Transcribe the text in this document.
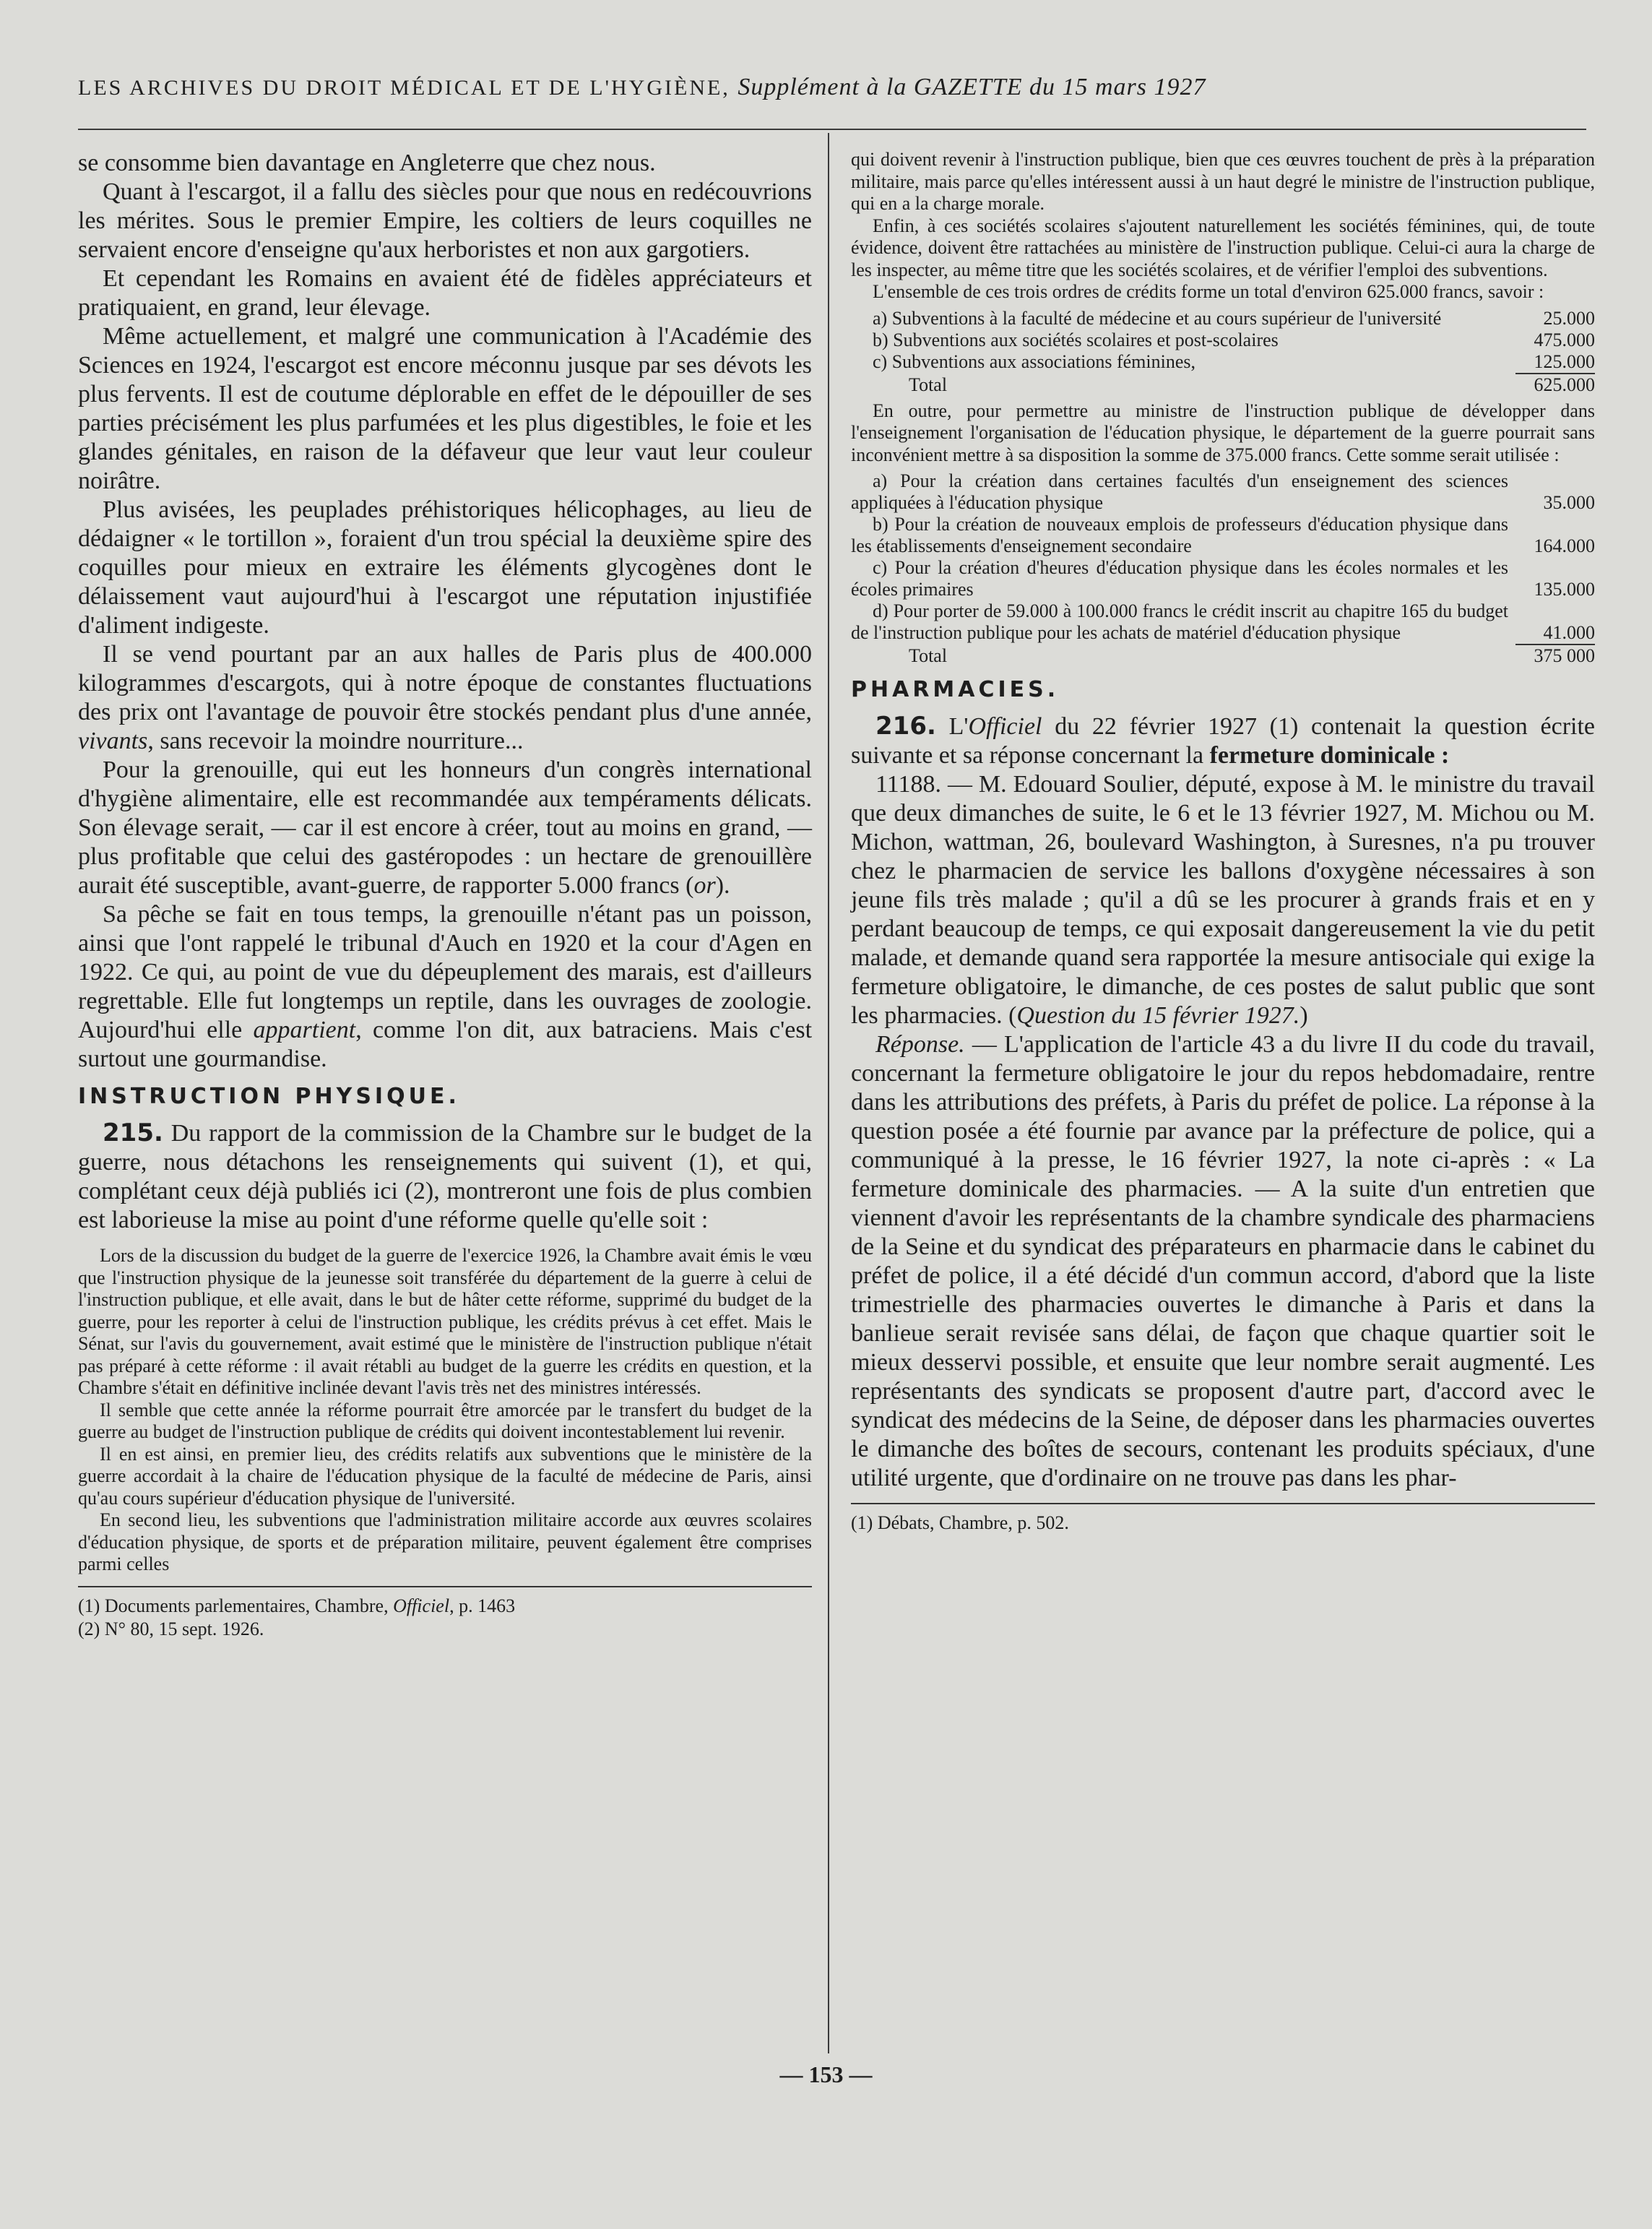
LES ARCHIVES DU DROIT MÉDICAL ET DE L'HYGIÈNE, Supplément à la GAZETTE du 15 mars 1927

se consomme bien davantage en Angleterre que chez nous.

Quant à l'escargot, il a fallu des siècles pour que nous en redécouvrions les mérites. Sous le premier Empire, les coltiers de leurs coquilles ne servaient encore d'enseigne qu'aux herboristes et non aux gargotiers.

Et cependant les Romains en avaient été de fidèles appréciateurs et pratiquaient, en grand, leur élevage.

Même actuellement, et malgré une communication à l'Académie des Sciences en 1924, l'escargot est encore méconnu jusque par ses dévots les plus fervents. Il est de coutume déplorable en effet de le dépouiller de ses parties précisément les plus parfumées et les plus digestibles, le foie et les glandes génitales, en raison de la défaveur que leur vaut leur couleur noirâtre.

Plus avisées, les peuplades préhistoriques hélicophages, au lieu de dédaigner « le tortillon », foraient d'un trou spécial la deuxième spire des coquilles pour mieux en extraire les éléments glycogènes dont le délaissement vaut aujourd'hui à l'escargot une réputation injustifiée d'aliment indigeste.

Il se vend pourtant par an aux halles de Paris plus de 400.000 kilogrammes d'escargots, qui à notre époque de constantes fluctuations des prix ont l'avantage de pouvoir être stockés pendant plus d'une année, vivants, sans recevoir la moindre nourriture...

Pour la grenouille, qui eut les honneurs d'un congrès international d'hygiène alimentaire, elle est recommandée aux tempéraments délicats. Son élevage serait, — car il est encore à créer, tout au moins en grand, — plus profitable que celui des gastéropodes : un hectare de grenouillère aurait été susceptible, avant-guerre, de rapporter 5.000 francs (or).

Sa pêche se fait en tous temps, la grenouille n'étant pas un poisson, ainsi que l'ont rappelé le tribunal d'Auch en 1920 et la cour d'Agen en 1922. Ce qui, au point de vue du dépeuplement des marais, est d'ailleurs regrettable. Elle fut longtemps un reptile, dans les ouvrages de zoologie. Aujourd'hui elle appartient, comme l'on dit, aux batraciens. Mais c'est surtout une gourmandise.

INSTRUCTION PHYSIQUE.

215. Du rapport de la commission de la Chambre sur le budget de la guerre, nous détachons les renseignements qui suivent (1), et qui, complétant ceux déjà publiés ici (2), montreront une fois de plus combien est laborieuse la mise au point d'une réforme quelle qu'elle soit :

Lors de la discussion du budget de la guerre de l'exercice 1926, la Chambre avait émis le vœu que l'instruction physique de la jeunesse soit transférée du département de la guerre à celui de l'instruction publique, et elle avait, dans le but de hâter cette réforme, supprimé du budget de la guerre, pour les reporter à celui de l'instruction publique, les crédits prévus à cet effet. Mais le Sénat, sur l'avis du gouvernement, avait estimé que le ministère de l'instruction publique n'était pas préparé à cette réforme : il avait rétabli au budget de la guerre les crédits en question, et la Chambre s'était en définitive inclinée devant l'avis très net des ministres intéressés.

Il semble que cette année la réforme pourrait être amorcée par le transfert du budget de la guerre au budget de l'instruction publique de crédits qui doivent incontestablement lui revenir.

Il en est ainsi, en premier lieu, des crédits relatifs aux subventions que le ministère de la guerre accordait à la chaire de l'éducation physique de la faculté de médecine de Paris, ainsi qu'au cours supérieur d'éducation physique de l'université.

En second lieu, les subventions que l'administration militaire accorde aux œuvres scolaires d'éducation physique, de sports et de préparation militaire, peuvent également être comprises parmi celles

(1) Documents parlementaires, Chambre, Officiel, p. 1463

(2) N° 80, 15 sept. 1926.

qui doivent revenir à l'instruction publique, bien que ces œuvres touchent de près à la préparation militaire, mais parce qu'elles intéressent aussi à un haut degré le ministre de l'instruction publique, qui en a la charge morale.

Enfin, à ces sociétés scolaires s'ajoutent naturellement les sociétés féminines, qui, de toute évidence, doivent être rattachées au ministère de l'instruction publique. Celui-ci aura la charge de les inspecter, au même titre que les sociétés scolaires, et de vérifier l'emploi des subventions.

L'ensemble de ces trois ordres de crédits forme un total d'environ 625.000 francs, savoir :

a) Subventions à la faculté de médecine et au cours supérieur de l'université	25.000
b) Subventions aux sociétés scolaires et post-scolaires	475.000
c) Subventions aux associations féminines,	125.000
Total	625.000

En outre, pour permettre au ministre de l'instruction publique de développer dans l'enseignement l'organisation de l'éducation physique, le département de la guerre pourrait sans inconvénient mettre à sa disposition la somme de 375.000 francs. Cette somme serait utilisée :

a) Pour la création dans certaines facultés d'un enseignement des sciences appliquées à l'éducation physique	35.000
b) Pour la création de nouveaux emplois de professeurs d'éducation physique dans les établissements d'enseignement secondaire	164.000
c) Pour la création d'heures d'éducation physique dans les écoles normales et les écoles primaires	135.000
d) Pour porter de 59.000 à 100.000 francs le crédit inscrit au chapitre 165 du budget de l'instruction publique pour les achats de matériel d'éducation physique	41.000
Total	375 000
PHARMACIES.

216. L'Officiel du 22 février 1927 (1) contenait la question écrite suivante et sa réponse concernant la fermeture dominicale :

11188. — M. Edouard Soulier, député, expose à M. le ministre du travail que deux dimanches de suite, le 6 et le 13 février 1927, M. Michou ou M. Michon, wattman, 26, boulevard Washington, à Suresnes, n'a pu trouver chez le pharmacien de service les ballons d'oxygène nécessaires à son jeune fils très malade ; qu'il a dû se les procurer à grands frais et en y perdant beaucoup de temps, ce qui exposait dangereusement la vie du petit malade, et demande quand sera rapportée la mesure antisociale qui exige la fermeture obligatoire, le dimanche, de ces postes de salut public que sont les pharmacies. (Question du 15 février 1927.)

Réponse. — L'application de l'article 43 a du livre II du code du travail, concernant la fermeture obligatoire le jour du repos hebdomadaire, rentre dans les attributions des préfets, à Paris du préfet de police. La réponse à la question posée a été fournie par avance par la préfecture de police, qui a communiqué à la presse, le 16 février 1927, la note ci-après : « La fermeture dominicale des pharmacies. — A la suite d'un entretien que viennent d'avoir les représentants de la chambre syndicale des pharmaciens de la Seine et du syndicat des préparateurs en pharmacie dans le cabinet du préfet de police, il a été décidé d'un commun accord, d'abord que la liste trimestrielle des pharmacies ouvertes le dimanche à Paris et dans la banlieue serait revisée sans délai, de façon que chaque quartier soit le mieux desservi possible, et ensuite que leur nombre serait augmenté. Les représentants des syndicats se proposent d'autre part, d'accord avec le syndicat des médecins de la Seine, de déposer dans les pharmacies ouvertes le dimanche des boîtes de secours, contenant les produits spéciaux, d'une utilité urgente, que d'ordinaire on ne trouve pas dans les phar-

(1) Débats, Chambre, p. 502.

— 153 —
